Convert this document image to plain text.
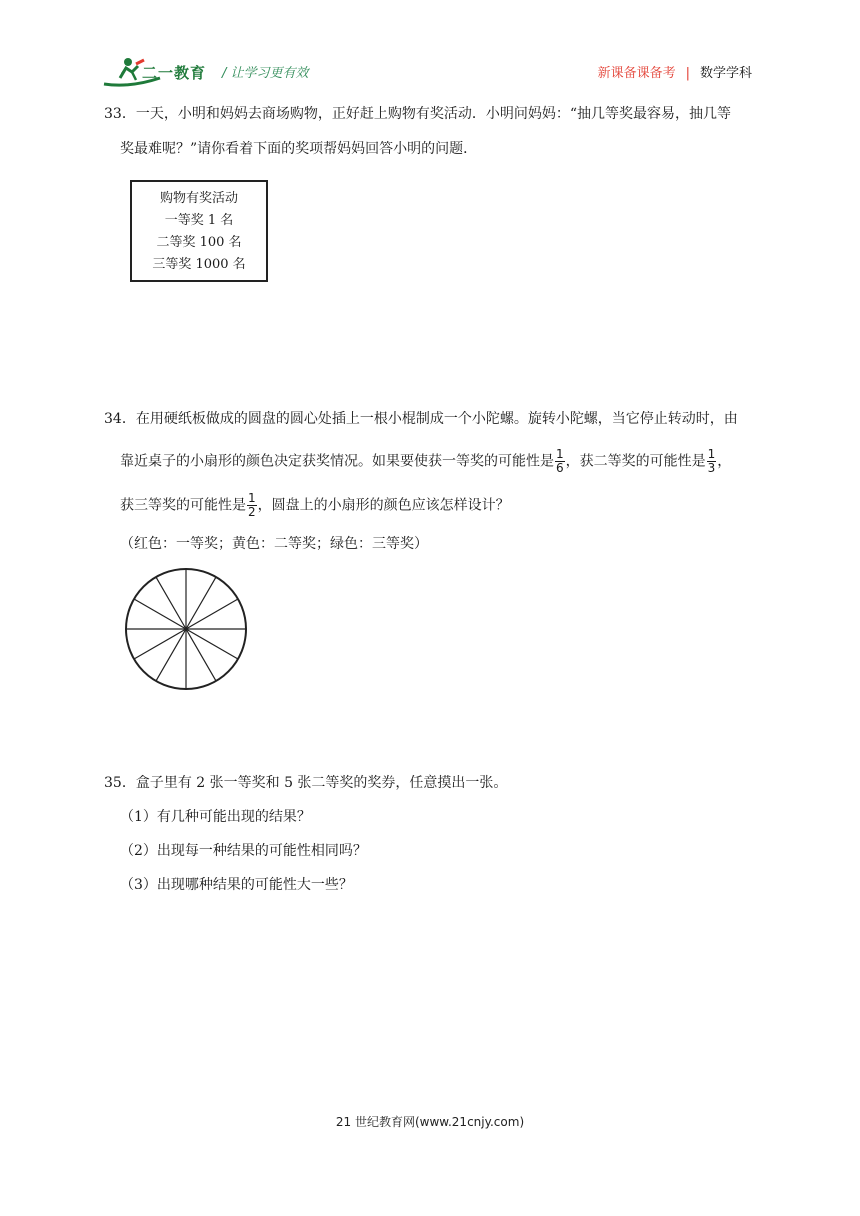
二一教育 / 让学习更有效	新课备课备考 | 数学学科
33．一天，小明和妈妈去商场购物，正好赶上购物有奖活动．小明问妈妈：“抽几等奖最容易，抽几等
奖最难呢？”请你看着下面的奖项帮妈妈回答小明的问题．
购物有奖活动
一等奖 1 名
二等奖 100 名
三等奖 1000 名
34．在用硬纸板做成的圆盘的圆心处插上一根小棍制成一个小陀螺。旋转小陀螺，当它停止转动时，由
靠近桌子的小扇形的颜色决定获奖情况。如果要使获一等奖的可能性是 $\frac{1}{6}$ ，获二等奖的可能性是 $\frac{1}{3}$ ，
获三等奖的可能性是 $\frac{1}{2}$ ，圆盘上的小扇形的颜色应该怎样设计？
（红色：一等奖；黄色：二等奖；绿色：三等奖）
35．盒子里有 2 张一等奖和 5 张二等奖的奖券，任意摸出一张。
（1）有几种可能出现的结果？
（2）出现每一种结果的可能性相同吗？
（3）出现哪种结果的可能性大一些？
21 世纪教育网(www.21cnjy.com)
